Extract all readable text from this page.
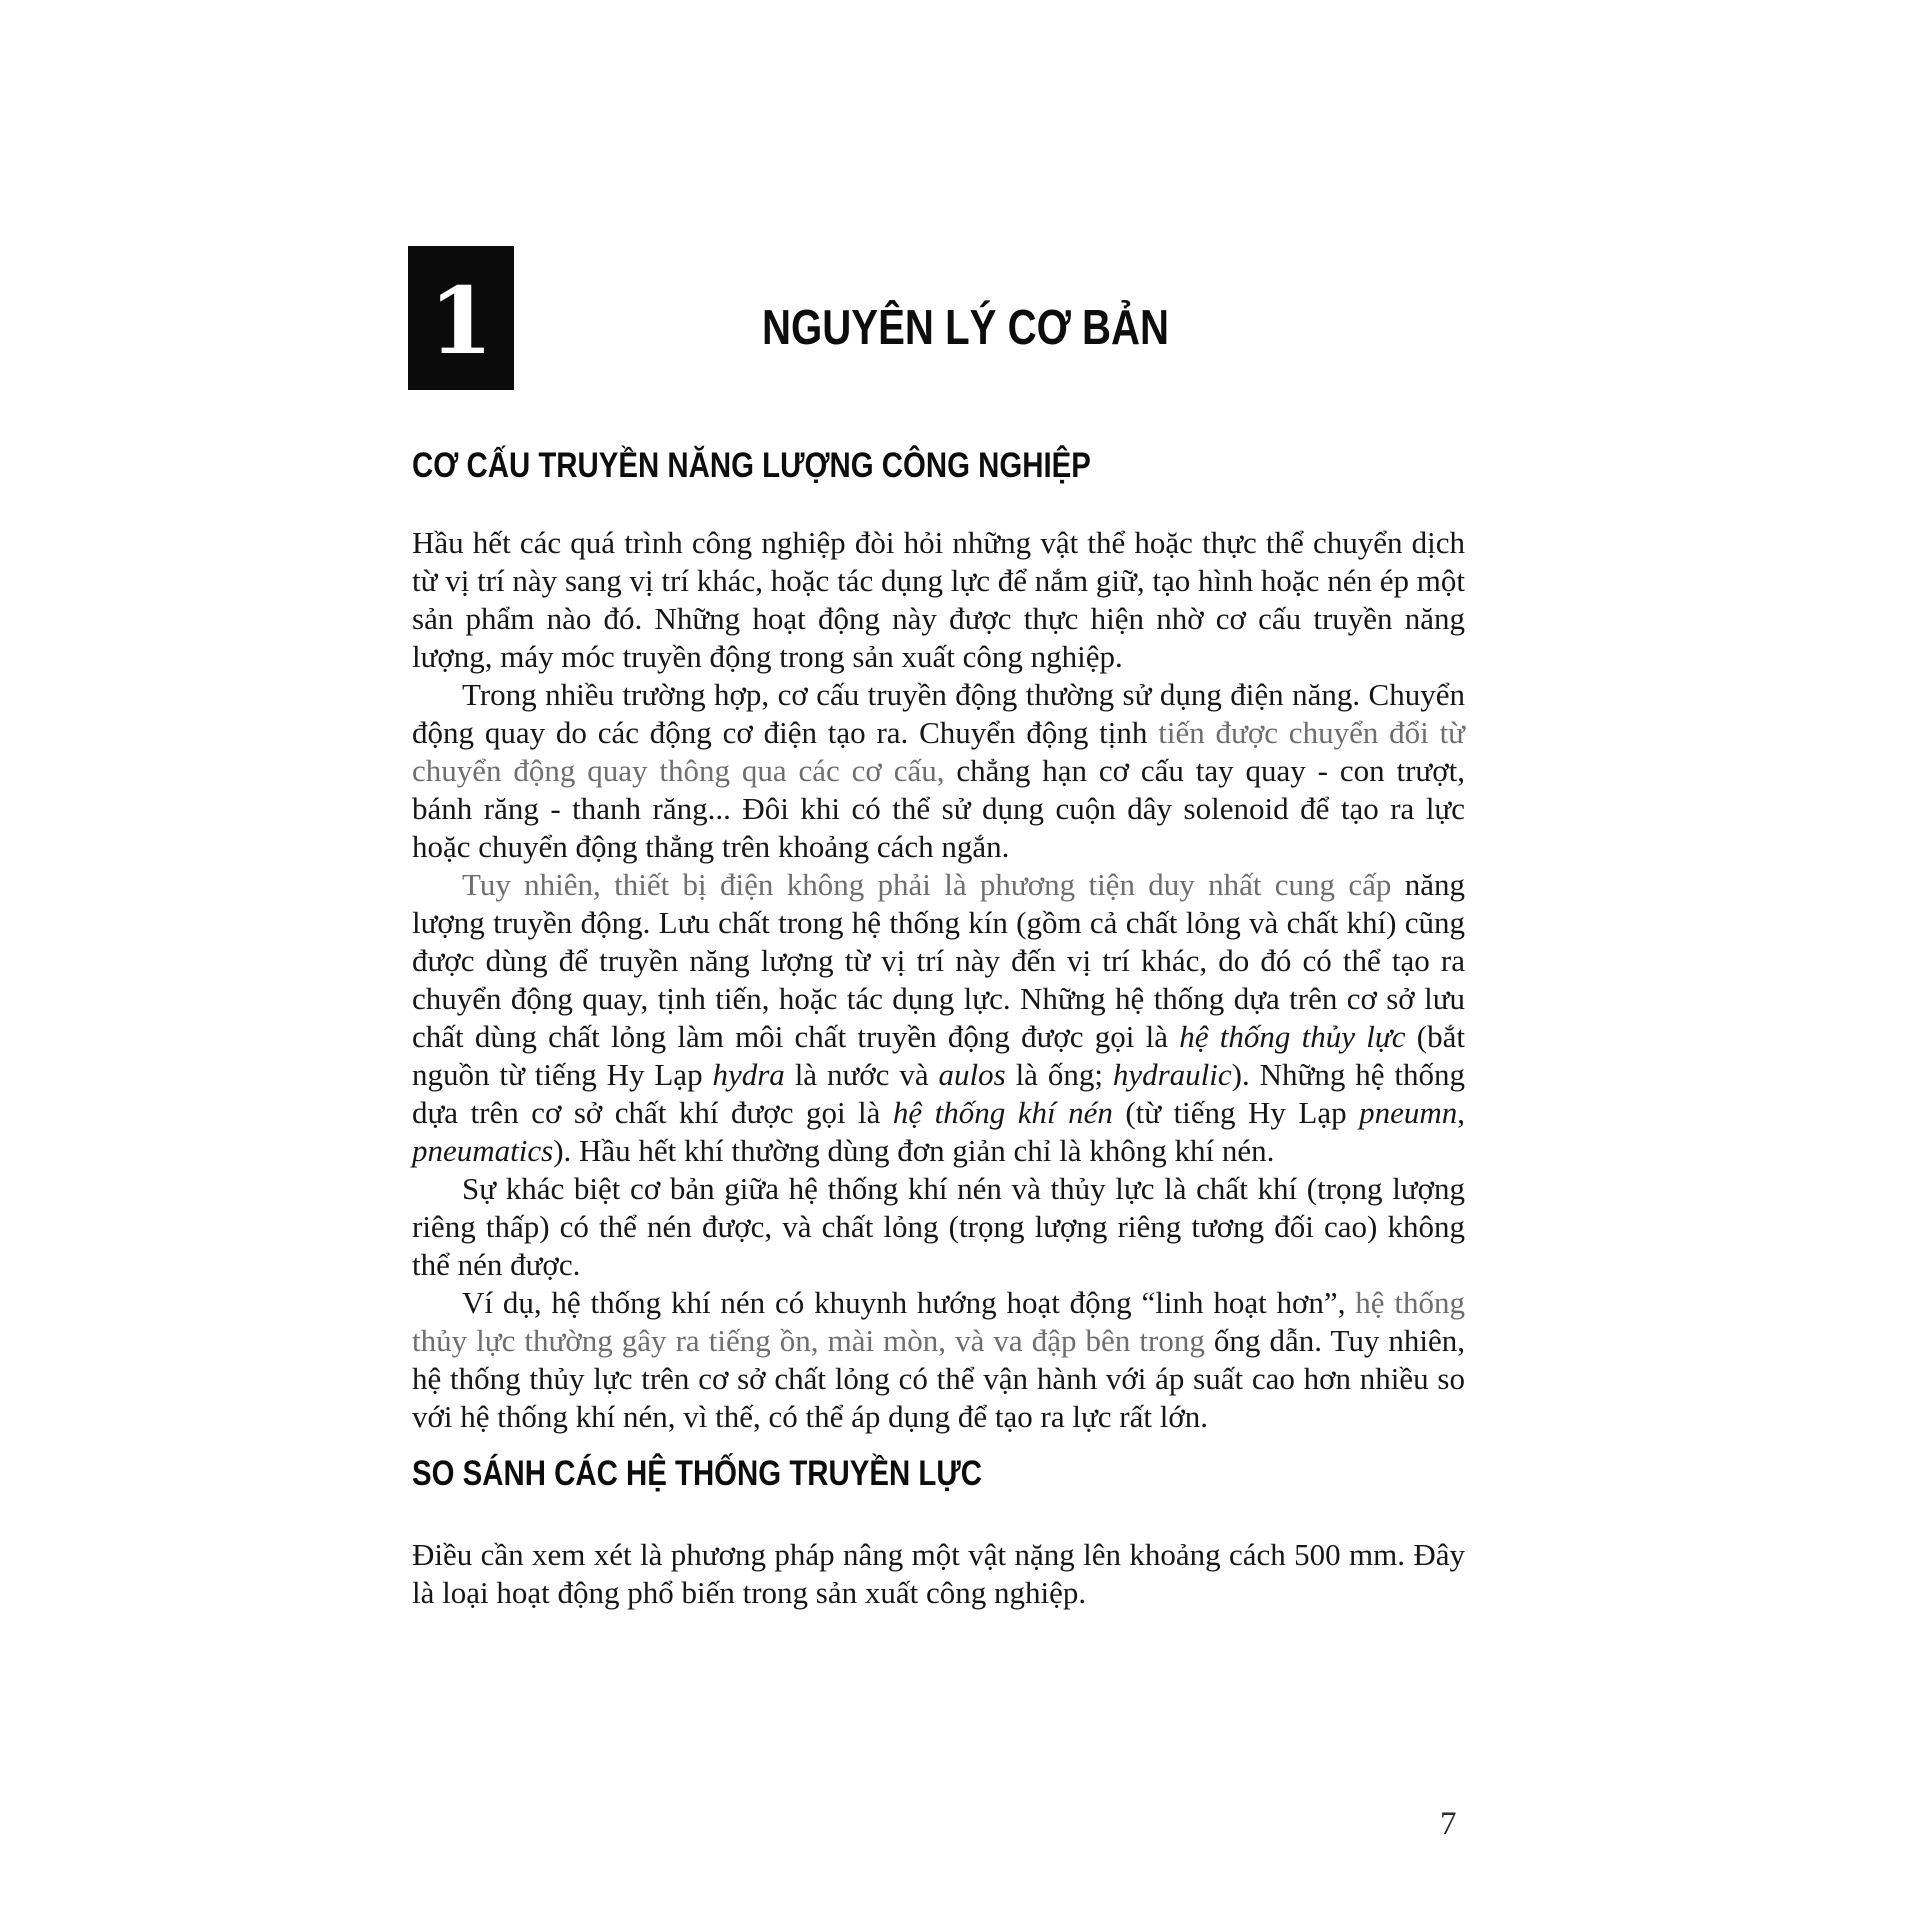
1	NGUYÊN LÝ CƠ BẢN
CƠ CẤU TRUYỀN NĂNG LƯỢNG CÔNG NGHIỆP

Hầu hết các quá trình công nghiệp đòi hỏi những vật thể hoặc thực thể chuyển dịch từ vị trí này sang vị trí khác, hoặc tác dụng lực để nắm giữ, tạo hình hoặc nén ép một sản phẩm nào đó. Những hoạt động này được thực hiện nhờ cơ cấu truyền năng lượng, máy móc truyền động trong sản xuất công nghiệp.

Trong nhiều trường hợp, cơ cấu truyền động thường sử dụng điện năng. Chuyển động quay do các động cơ điện tạo ra. Chuyển động tịnh tiến được chuyển đổi từ chuyển động quay thông qua các cơ cấu, chẳng hạn cơ cấu tay quay - con trượt, bánh răng - thanh răng... Đôi khi có thể sử dụng cuộn dây solenoid để tạo ra lực hoặc chuyển động thẳng trên khoảng cách ngắn.

Tuy nhiên, thiết bị điện không phải là phương tiện duy nhất cung cấp năng lượng truyền động. Lưu chất trong hệ thống kín (gồm cả chất lỏng và chất khí) cũng được dùng để truyền năng lượng từ vị trí này đến vị trí khác, do đó có thể tạo ra chuyển động quay, tịnh tiến, hoặc tác dụng lực. Những hệ thống dựa trên cơ sở lưu chất dùng chất lỏng làm môi chất truyền động được gọi là hệ thống thủy lực (bắt nguồn từ tiếng Hy Lạp hydra là nước và aulos là ống; hydraulic). Những hệ thống dựa trên cơ sở chất khí được gọi là hệ thống khí nén (từ tiếng Hy Lạp pneumn, pneumatics). Hầu hết khí thường dùng đơn giản chỉ là không khí nén.

Sự khác biệt cơ bản giữa hệ thống khí nén và thủy lực là chất khí (trọng lượng riêng thấp) có thể nén được, và chất lỏng (trọng lượng riêng tương đối cao) không thể nén được.

Ví dụ, hệ thống khí nén có khuynh hướng hoạt động “linh hoạt hơn”, hệ thống thủy lực thường gây ra tiếng ồn, mài mòn, và va đập bên trong ống dẫn. Tuy nhiên, hệ thống thủy lực trên cơ sở chất lỏng có thể vận hành với áp suất cao hơn nhiều so với hệ thống khí nén, vì thế, có thể áp dụng để tạo ra lực rất lớn.

SO SÁNH CÁC HỆ THỐNG TRUYỀN LỰC

Điều cần xem xét là phương pháp nâng một vật nặng lên khoảng cách 500 mm. Đây là loại hoạt động phổ biến trong sản xuất công nghiệp.

7
